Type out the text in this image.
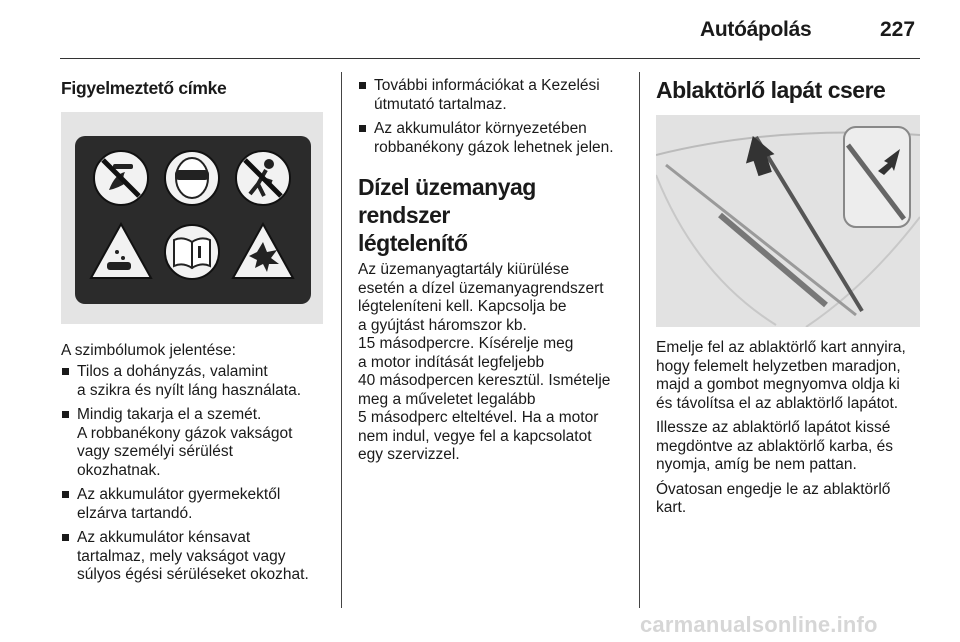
Autóápolás	227
Figyelmeztető címke

A szimbólumok jelentése:

Tilos a dohányzás, valamint
a szikra és nyílt láng használata.
Mindig takarja el a szemét.
A robbanékony gázok vakságot
vagy személyi sérülést
okozhatnak.
Az akkumulátor gyermekektől
elzárva tartandó.
Az akkumulátor kénsavat
tartalmaz, mely vakságot vagy
súlyos égési sérüléseket okozhat.
További információkat a Kezelési
útmutató tartalmaz.
Az akkumulátor környezetében
robbanékony gázok lehetnek jelen.
Dízel üzemanyag rendszer
légtelenítő
Az üzemanyagtartály kiürülése
esetén a dízel üzemanyagrendszert
légteleníteni kell. Kapcsolja be
a gyújtást háromszor kb.
15 másodpercre. Kísérelje meg
a motor indítását legfeljebb
40 másodpercen keresztül. Ismételje
meg a műveletet legalább
5 másodperc elteltével. Ha a motor
nem indul, vegye fel a kapcsolatot
egy szervizzel.
Ablaktörlő lapát csere
Emelje fel az ablaktörlő kart annyira,
hogy felemelt helyzetben maradjon,
majd a gombot megnyomva oldja ki
és távolítsa el az ablaktörlő lapátot.
Illessze az ablaktörlő lapátot kissé
megdöntve az ablaktörlő karba, és
nyomja, amíg be nem pattan.
Óvatosan engedje le az ablaktörlő
kart.
carmanualsonline.info
